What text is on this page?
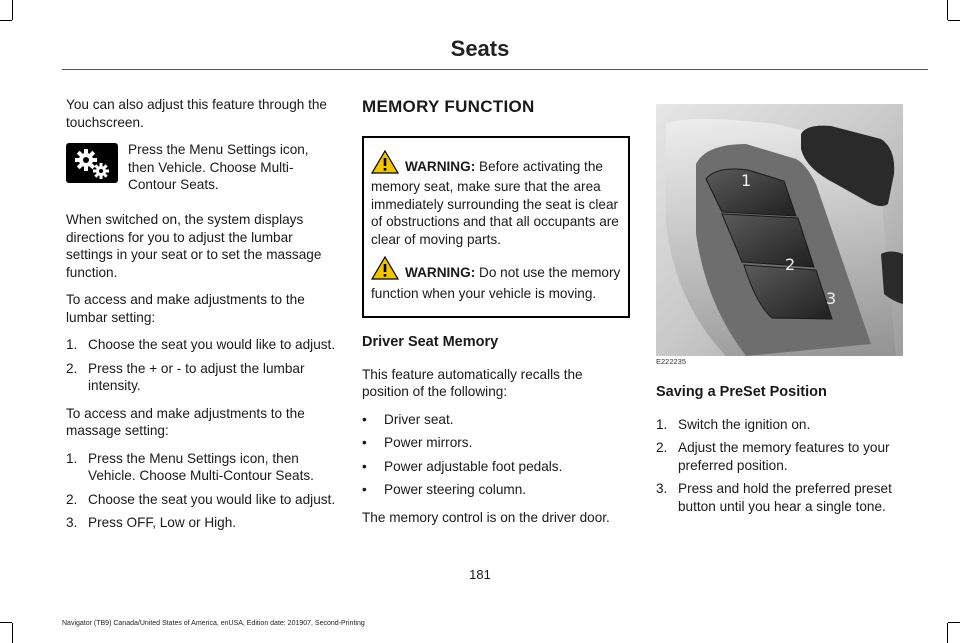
Seats

You can also adjust this feature through the touchscreen.

Press the Menu Settings icon, then Vehicle. Choose Multi-Contour Seats.

When switched on, the system displays directions for you to adjust the lumbar settings in your seat or to set the massage function.

To access and make adjustments to the lumbar setting:

1. Choose the seat you would like to adjust.
2. Press the + or - to adjust the lumbar intensity.

To access and make adjustments to the massage setting:

1. Press the Menu Settings icon, then Vehicle. Choose Multi-Contour Seats.
2. Choose the seat you would like to adjust.
3. Press OFF, Low or High.
MEMORY FUNCTION

WARNING: Before activating the memory seat, make sure that the area immediately surrounding the seat is clear of obstructions and that all occupants are clear of moving parts.

WARNING: Do not use the memory function when your vehicle is moving.

Driver Seat Memory

This feature automatically recalls the position of the following:

• Driver seat.
• Power mirrors.
• Power adjustable foot pedals.
• Power steering column.

The memory control is on the driver door.

1
2
3
E222235
Saving a PreSet Position
1. Switch the ignition on.
2. Adjust the memory features to your preferred position.
3. Press and hold the preferred preset button until you hear a single tone.
181
Navigator (TB9) Canada/United States of America, enUSA, Edition date: 201907, Second-Printing
